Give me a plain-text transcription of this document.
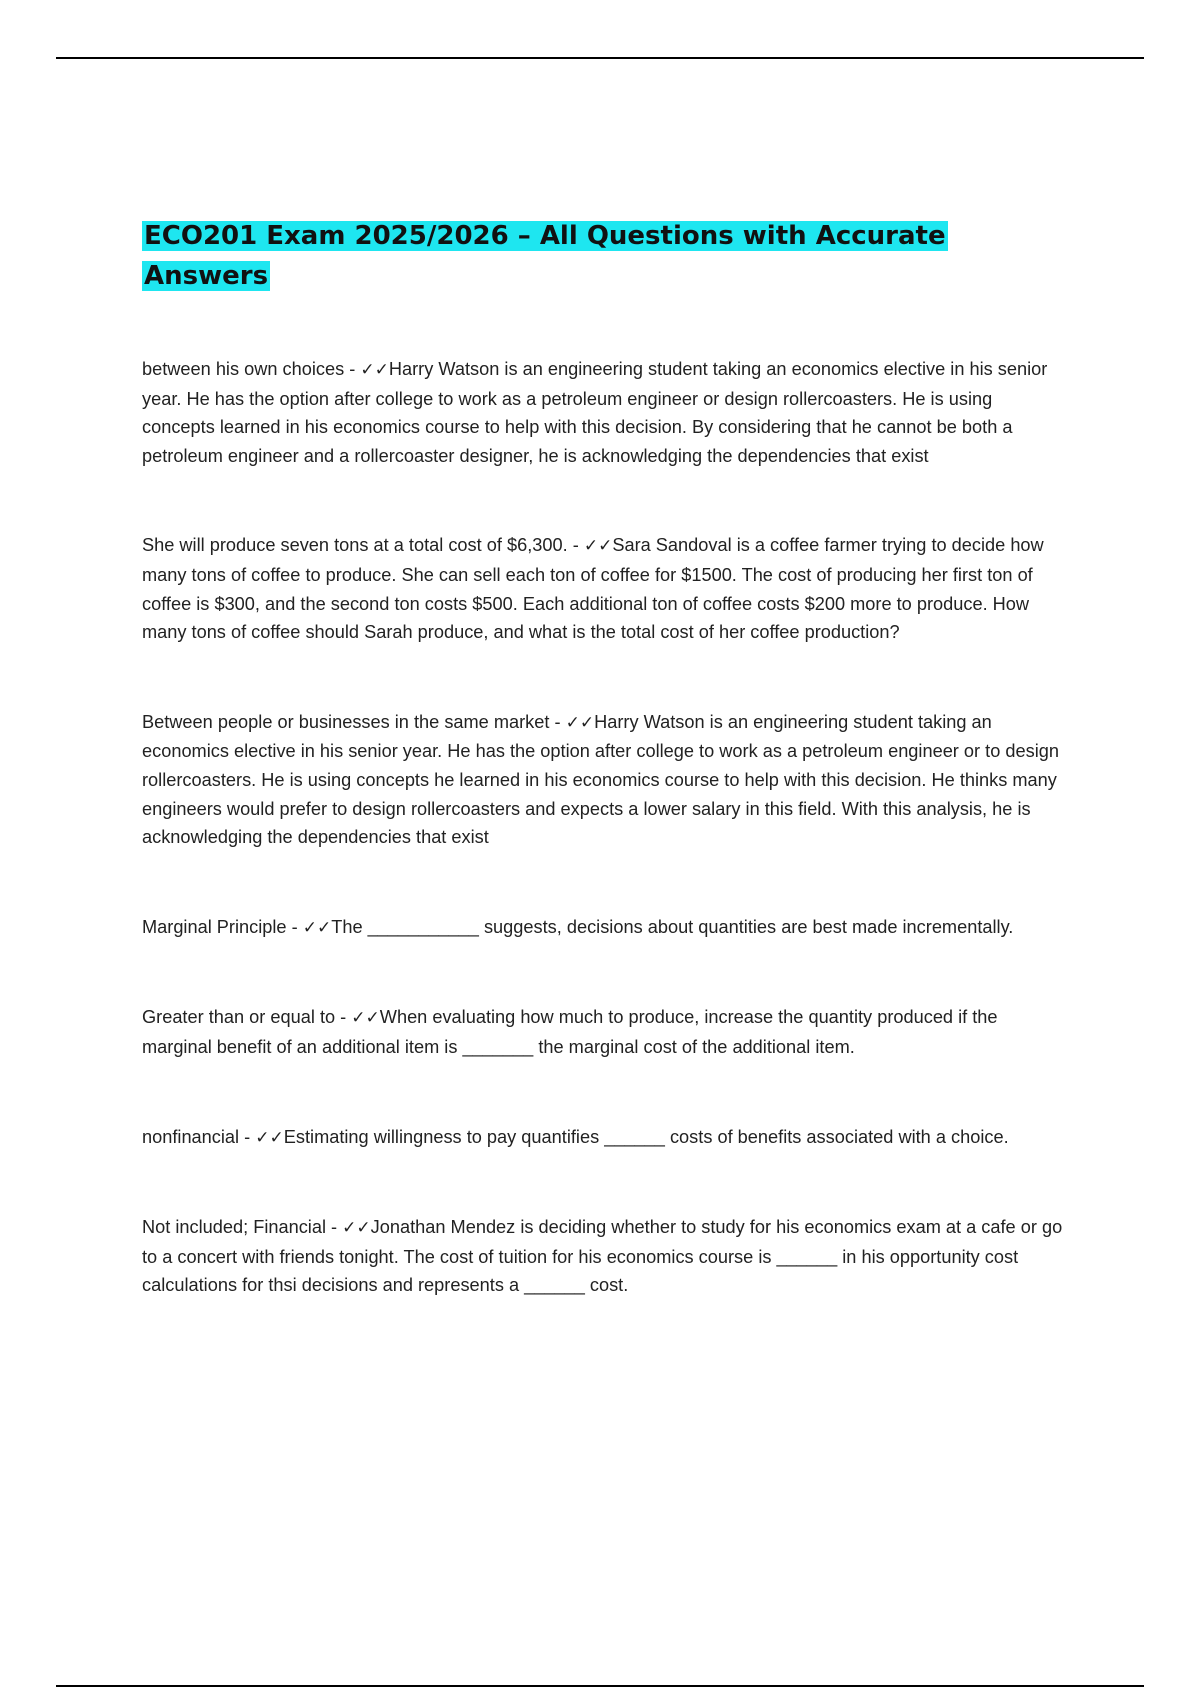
ECO201 Exam 2025/2026 – All Questions with Accurate Answers

between his own choices - ✓✓Harry Watson is an engineering student taking an economics elective in his senior year. He has the option after college to work as a petroleum engineer or design rollercoasters. He is using concepts learned in his economics course to help with this decision. By considering that he cannot be both a petroleum engineer and a rollercoaster designer, he is acknowledging the dependencies that exist

She will produce seven tons at a total cost of $6,300. - ✓✓Sara Sandoval is a coffee farmer trying to decide how many tons of coffee to produce. She can sell each ton of coffee for $1500. The cost of producing her first ton of coffee is $300, and the second ton costs $500. Each additional ton of coffee costs $200 more to produce. How many tons of coffee should Sarah produce, and what is the total cost of her coffee production?

Between people or businesses in the same market - ✓✓Harry Watson is an engineering student taking an economics elective in his senior year. He has the option after college to work as a petroleum engineer or to design rollercoasters. He is using concepts he learned in his economics course to help with this decision. He thinks many engineers would prefer to design rollercoasters and expects a lower salary in this field. With this analysis, he is acknowledging the dependencies that exist

Marginal Principle - ✓✓The ___________ suggests, decisions about quantities are best made incrementally.

Greater than or equal to - ✓✓When evaluating how much to produce, increase the quantity produced if the marginal benefit of an additional item is _______ the marginal cost of the additional item.

nonfinancial - ✓✓Estimating willingness to pay quantifies ______ costs of benefits associated with a choice.

Not included; Financial - ✓✓Jonathan Mendez is deciding whether to study for his economics exam at a cafe or go to a concert with friends tonight. The cost of tuition for his economics course is ______ in his opportunity cost calculations for thsi decisions and represents a ______ cost.
